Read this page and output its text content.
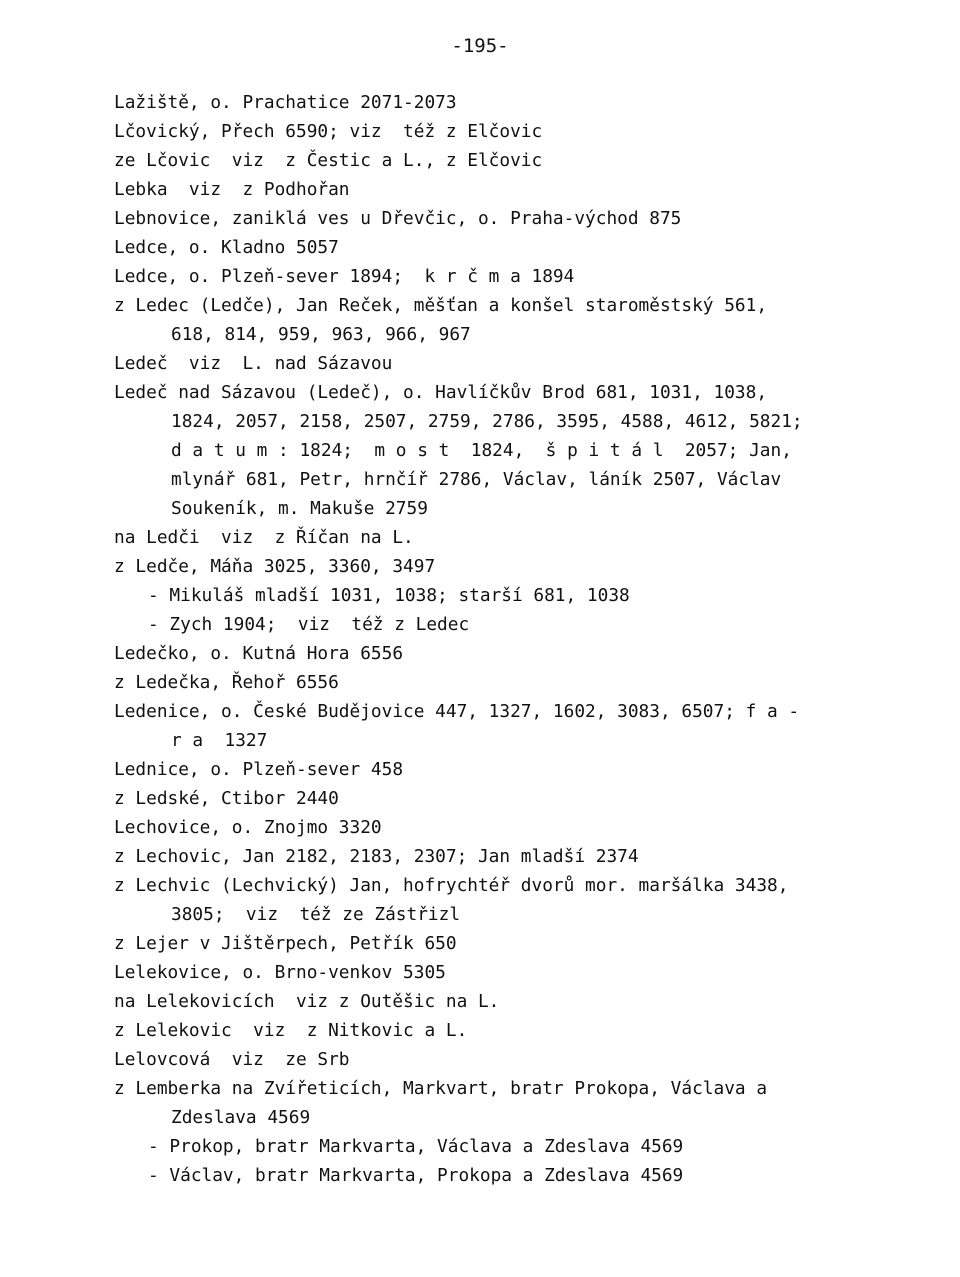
-195-
Lažiště, o. Prachatice 2071-2073
Lčovický, Přech 6590; viz  též z Elčovic
ze Lčovic  viz  z Čestic a L., z Elčovic
Lebka  viz  z Podhořan
Lebnovice, zaniklá ves u Dřevčic, o. Praha-východ 875
Ledce, o. Kladno 5057
Ledce, o. Plzeň-sever 1894;  k r č m a 1894
z Ledec (Ledče), Jan Reček, měšťan a konšel staroměstský 561,
618, 814, 959, 963, 966, 967
Ledeč  viz  L. nad Sázavou
Ledeč nad Sázavou (Ledeč), o. Havlíčkův Brod 681, 1031, 1038,
1824, 2057, 2158, 2507, 2759, 2786, 3595, 4588, 4612, 5821;
d a t u m : 1824;  m o s t  1824,  š p i t á l  2057; Jan,
mlynář 681, Petr, hrnčíř 2786, Václav, láník 2507, Václav
Soukeník, m. Makuše 2759
na Ledči  viz  z Říčan na L.
z Ledče, Máňa 3025, 3360, 3497
- Mikuláš mladší 1031, 1038; starší 681, 1038
- Zych 1904;  viz  též z Ledec
Ledečko, o. Kutná Hora 6556
z Ledečka, Řehoř 6556
Ledenice, o. České Budějovice 447, 1327, 1602, 3083, 6507; f a -
r a  1327
Lednice, o. Plzeň-sever 458
z Ledské, Ctibor 2440
Lechovice, o. Znojmo 3320
z Lechovic, Jan 2182, 2183, 2307; Jan mladší 2374
z Lechvic (Lechvický) Jan, hofrychtéř dvorů mor. maršálka 3438,
3805;  viz  též ze Zástřizl
z Lejer v Jištěrpech, Petřík 650
Lelekovice, o. Brno-venkov 5305
na Lelekovicích  viz z Outěšic na L.
z Lelekovic  viz  z Nitkovic a L.
Lelovcová  viz  ze Srb
z Lemberka na Zvířeticích, Markvart, bratr Prokopa, Václava a
Zdeslava 4569
- Prokop, bratr Markvarta, Václava a Zdeslava 4569
- Václav, bratr Markvarta, Prokopa a Zdeslava 4569
